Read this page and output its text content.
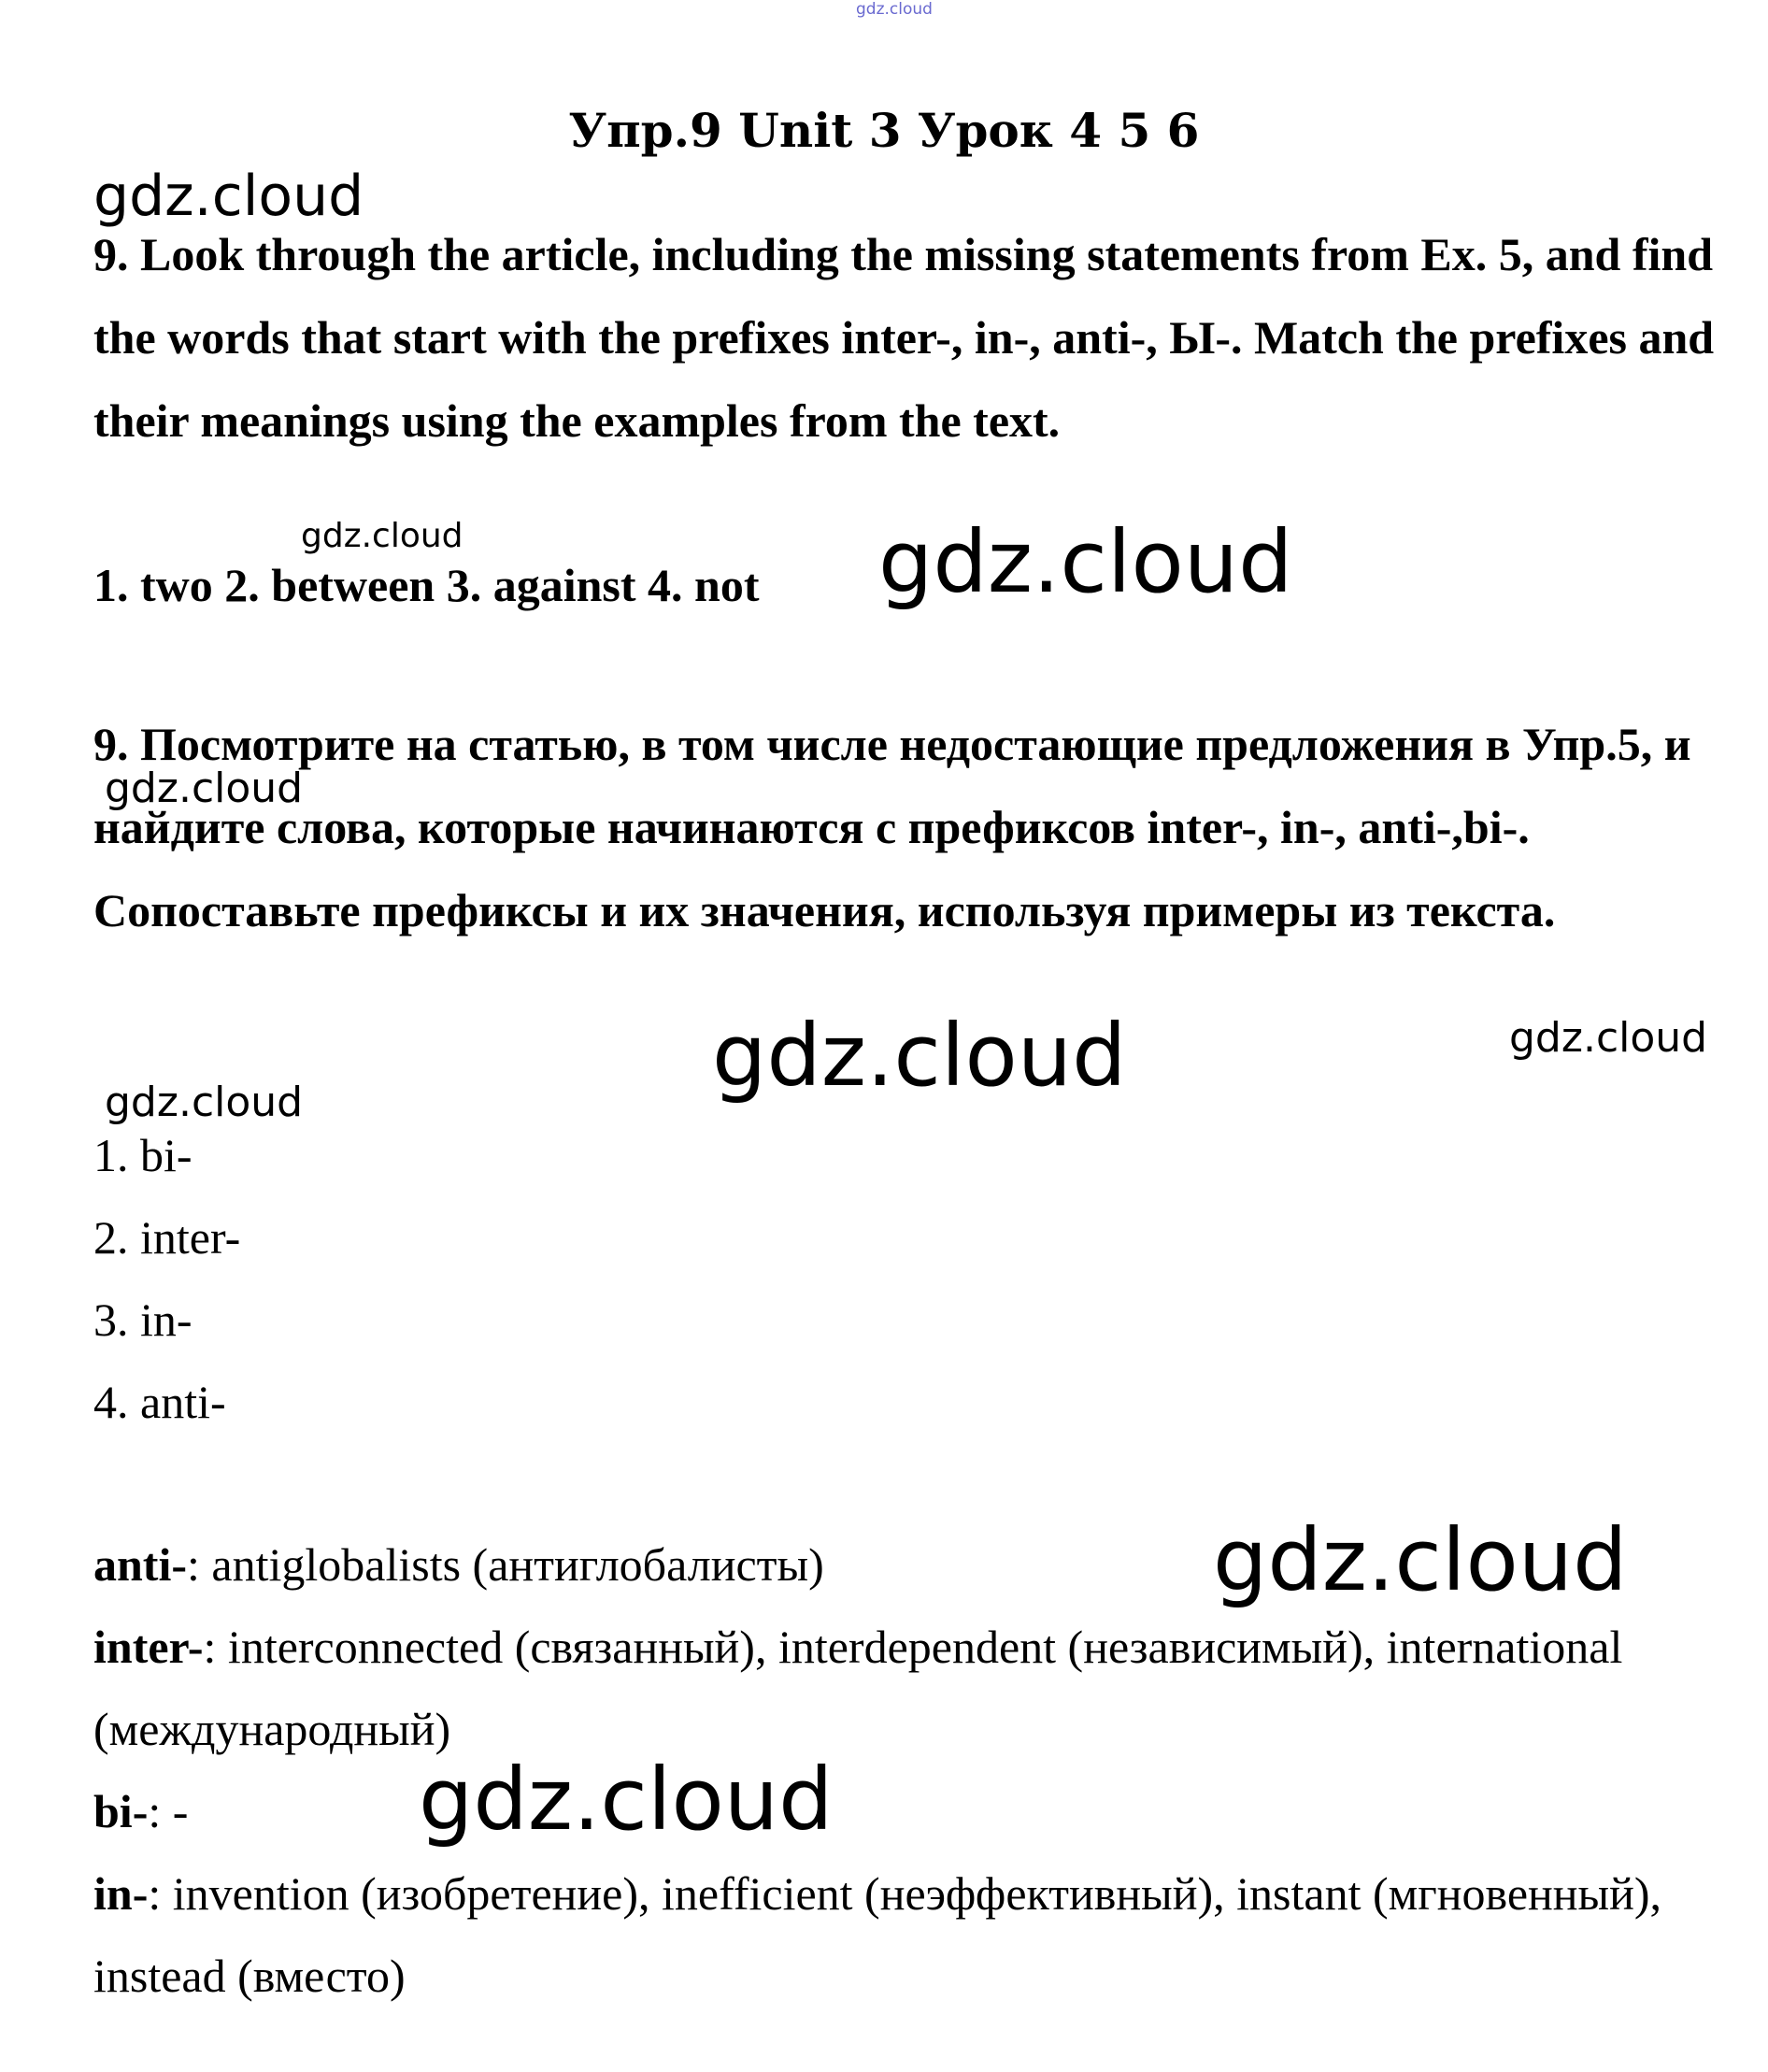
gdz.cloud
gdz.cloud
gdz.cloud	gdz.cloud
gdz.cloud
gdz.cloud	gdz.cloud
gdz.cloud
gdz.cloud
gdz.cloud
Упр.9 Unit 3 Урок 4 5 6

9. Look through the article, including the missing statements from Ex. 5, and find the words that start with the prefixes inter-, in-, anti-, Ы-. Match the prefixes and their meanings using the examples from the text.

1. two 2. between 3. against 4. not

9. Посмотрите на статью, в том числе недостающие предложения в Упр.5, и найдите слова, которые начинаются с префиксов inter-, in-, anti-,bi-. Сопоставьте префиксы и их значения, используя примеры из текста.

1. bi-
2. inter-
3. in-
4. anti-

anti-: antiglobalists (антиглобалисты)

inter-: interconnected (связанный), interdependent (независимый), international (международный)

bi-: -

in-: invention (изобретение), inefficient (неэффективный), instant (мгновенный), instead (вместо)
